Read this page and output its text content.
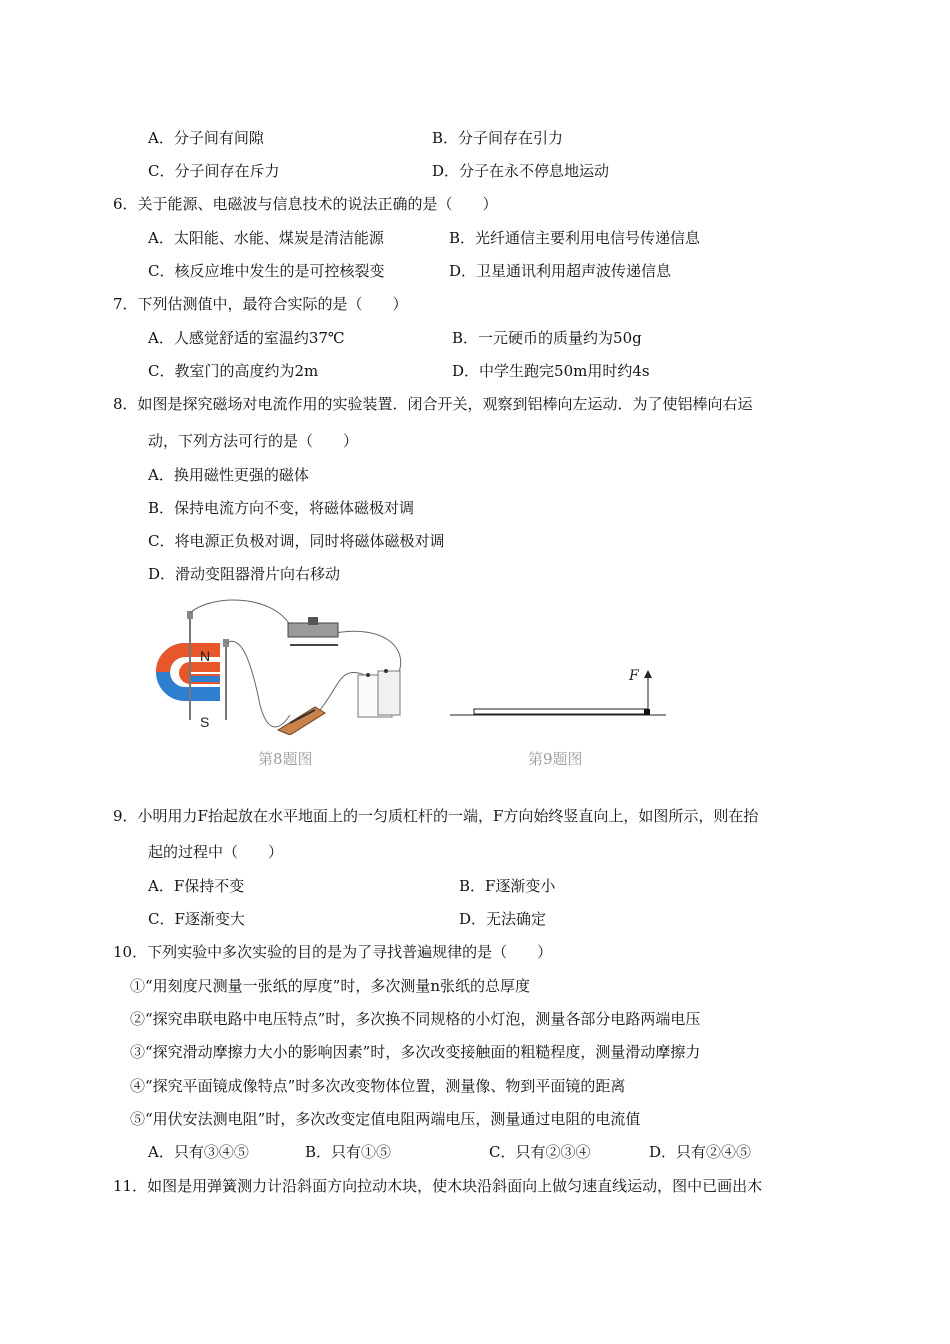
A．分子间有间隙	B．分子间存在引力
C．分子间存在斥力	D．分子在永不停息地运动
6．关于能源、电磁波与信息技术的说法正确的是（　　）
A．太阳能、水能、煤炭是清洁能源	B．光纤通信主要利用电信号传递信息
C．核反应堆中发生的是可控核裂变	D．卫星通讯利用超声波传递信息
7．下列估测值中，最符合实际的是（　　）
A．人感觉舒适的室温约37℃	B．一元硬币的质量约为50g
C．教室门的高度约为2m	D．中学生跑完50m用时约4s
8．如图是探究磁场对电流作用的实验装置．闭合开关，观察到铝棒向左运动．为了使铝棒向右运
动，下列方法可行的是（　　）
A．换用磁性更强的磁体
B．保持电流方向不变，将磁体磁极对调
C．将电源正负极对调，同时将磁体磁极对调
D．滑动变阻器滑片向右移动
N
S
第8题图
F
第9题图
9．小明用力F抬起放在水平地面上的一匀质杠杆的一端，F方向始终竖直向上，如图所示，则在抬
起的过程中（　　）
A．F保持不变	B．F逐渐变小
C．F逐渐变大	D．无法确定
10．下列实验中多次实验的目的是为了寻找普遍规律的是（　　）
①“用刻度尺测量一张纸的厚度”时，多次测量n张纸的总厚度
②“探究串联电路中电压特点”时，多次换不同规格的小灯泡，测量各部分电路两端电压
③“探究滑动摩擦力大小的影响因素”时，多次改变接触面的粗糙程度，测量滑动摩擦力
④“探究平面镜成像特点”时多次改变物体位置，测量像、物到平面镜的距离
⑤“用伏安法测电阻”时，多次改变定值电阻两端电压，测量通过电阻的电流值
A．只有③④⑤	B．只有①⑤	C．只有②③④	D．只有②④⑤
11．如图是用弹簧测力计沿斜面方向拉动木块，使木块沿斜面向上做匀速直线运动，图中已画出木
